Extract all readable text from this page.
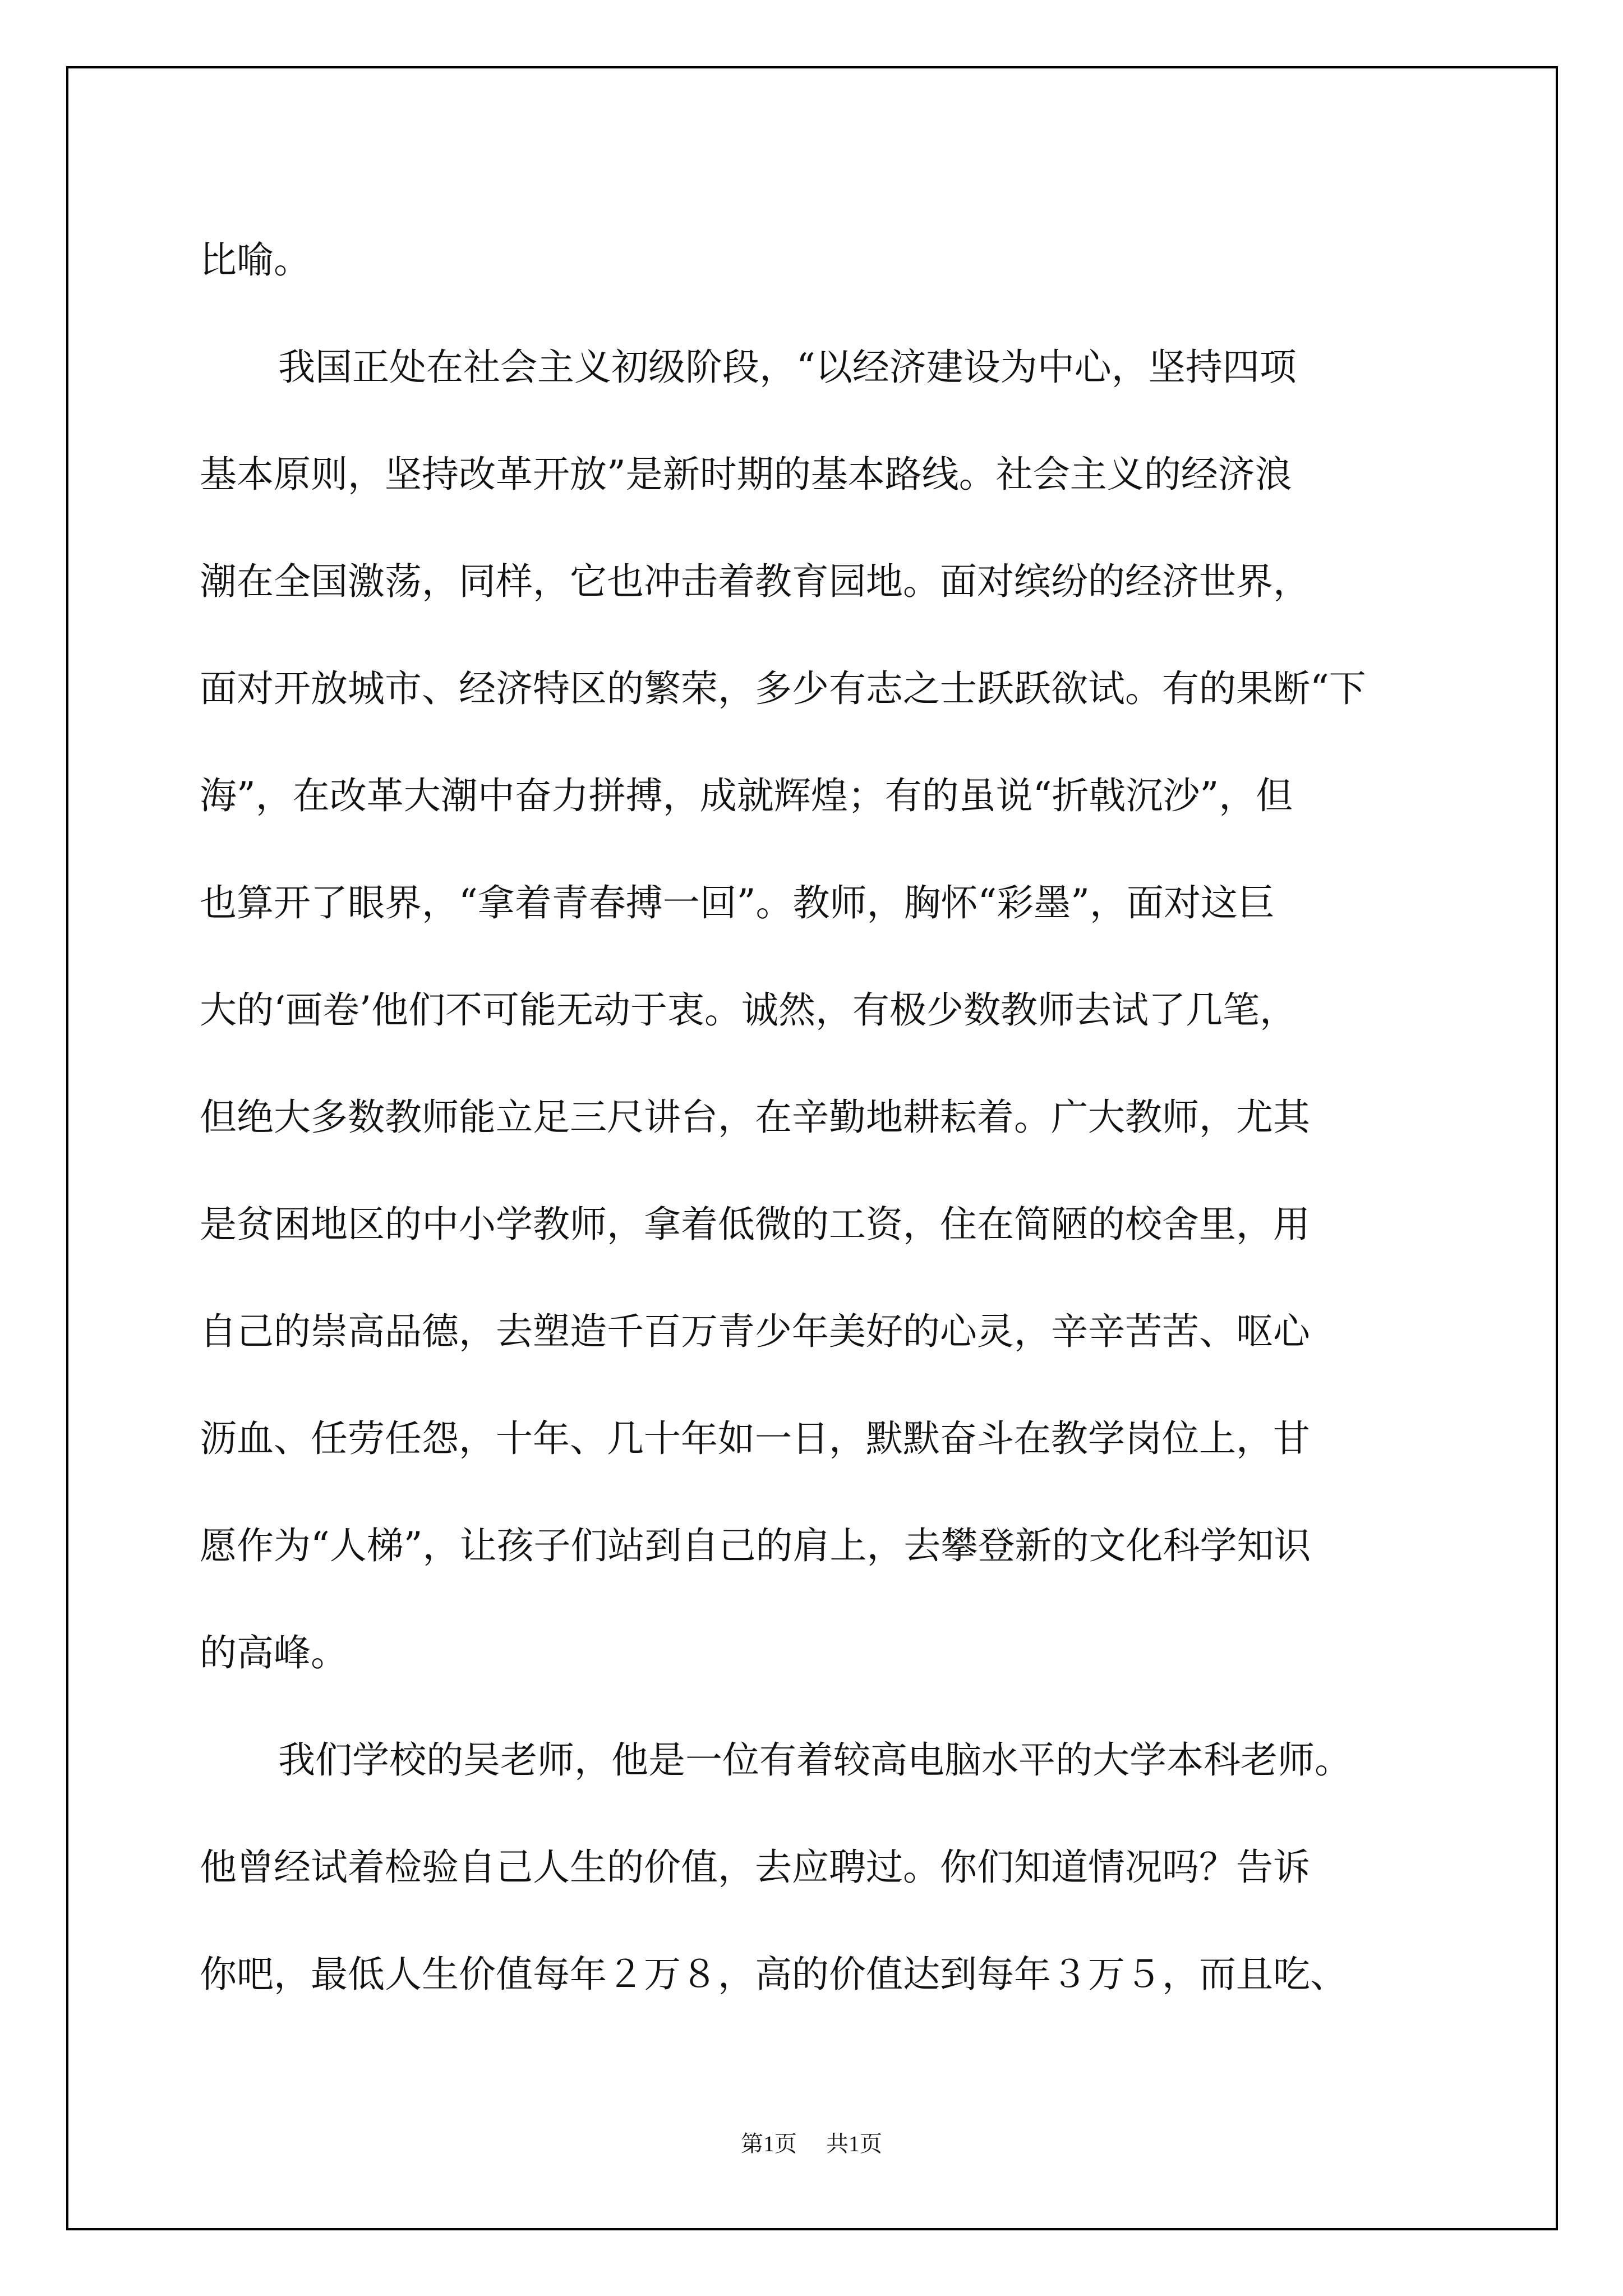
比喻。
我国正处在社会主义初级阶段，“以经济建设为中心，坚持四项
基本原则，坚持改革开放”是新时期的基本路线。社会主义的经济浪
潮在全国激荡，同样，它也冲击着教育园地。面对缤纷的经济世界，
面对开放城市、经济特区的繁荣，多少有志之士跃跃欲试。有的果断“下
海”，在改革大潮中奋力拼搏，成就辉煌；有的虽说“折戟沉沙”，但
也算开了眼界，“拿着青春搏一回”。教师，胸怀“彩墨”，面对这巨
大的‘画卷’他们不可能无动于衷。诚然，有极少数教师去试了几笔，
但绝大多数教师能立足三尺讲台，在辛勤地耕耘着。广大教师，尤其
是贫困地区的中小学教师，拿着低微的工资，住在简陋的校舍里，用
自己的崇高品德，去塑造千百万青少年美好的心灵，辛辛苦苦、呕心
沥血、任劳任怨，十年、几十年如一日，默默奋斗在教学岗位上，甘
愿作为“人梯”，让孩子们站到自己的肩上，去攀登新的文化科学知识
的高峰。
我们学校的吴老师，他是一位有着较高电脑水平的大学本科老师。
他曾经试着检验自己人生的价值，去应聘过。你们知道情况吗？告诉
你吧，最低人生价值每年２万８，高的价值达到每年３万５，而且吃、
第1页 共1页
